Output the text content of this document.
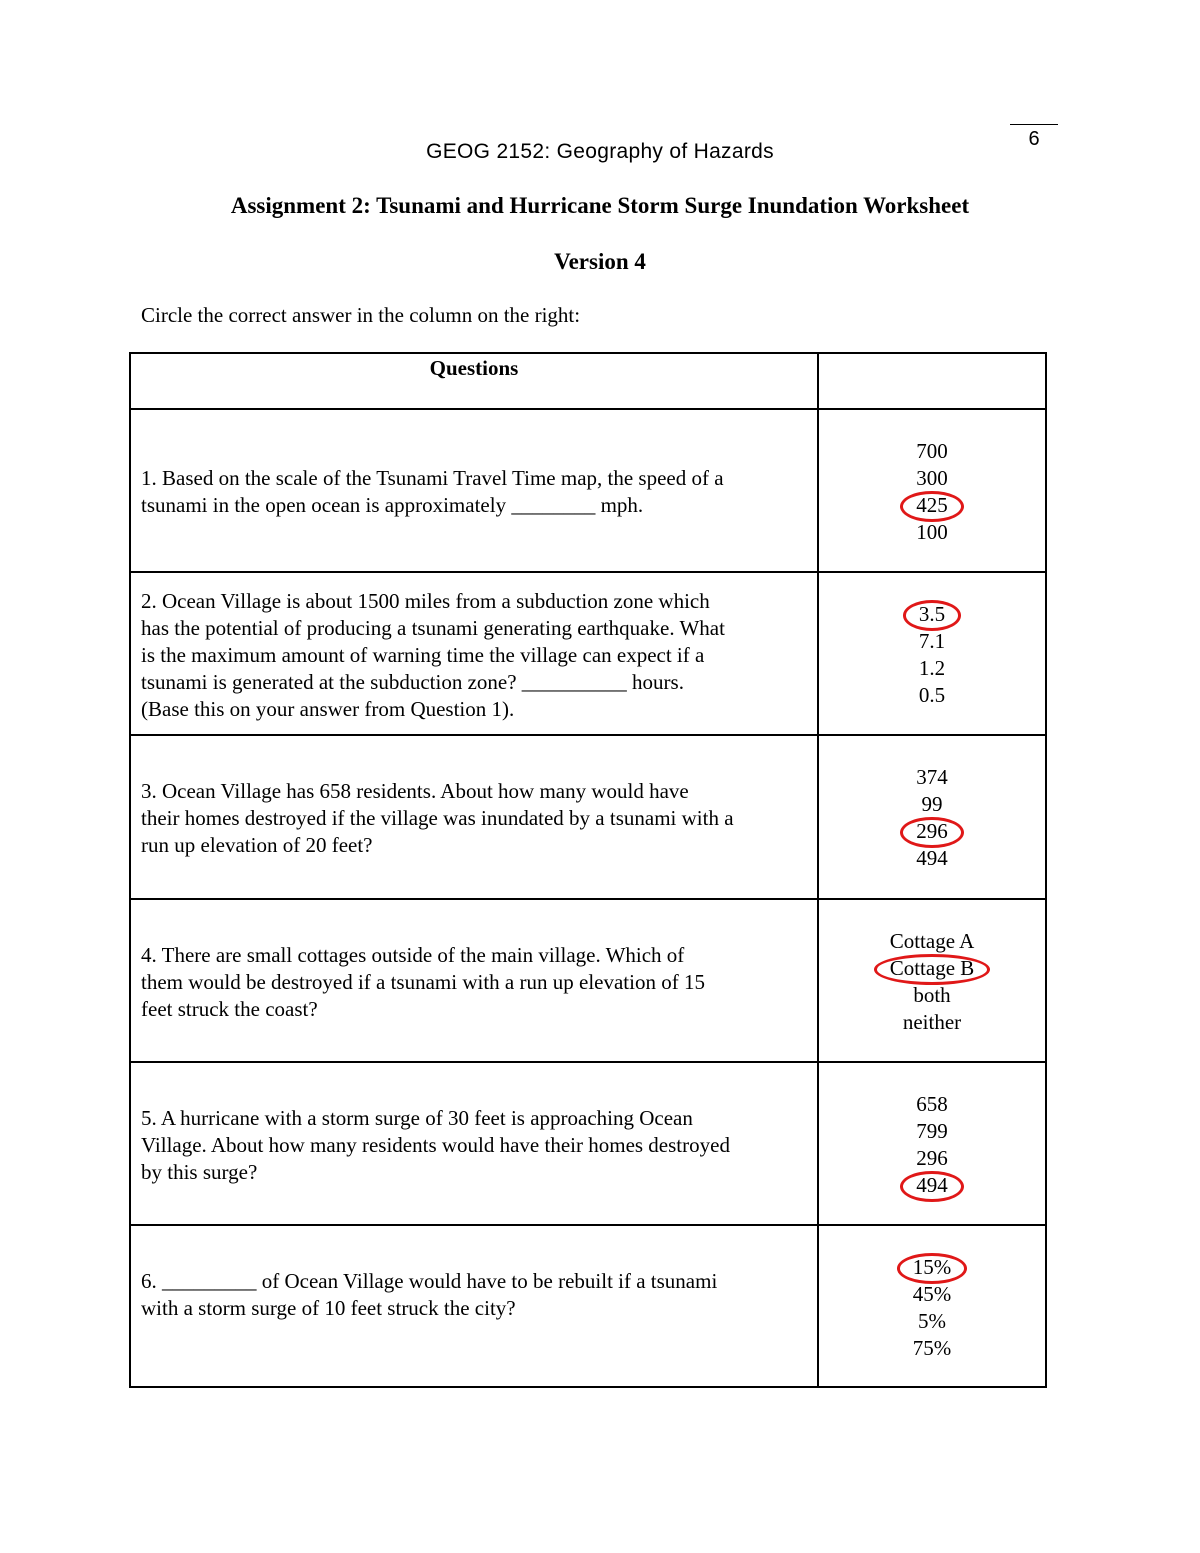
6
GEOG 2152: Geography of Hazards
Assignment 2: Tsunami and Hurricane Storm Surge Inundation Worksheet
Version 4
Circle the correct answer in the column on the right:
Questions
1. Based on the scale of the Tsunami Travel Time map, the speed of a
tsunami in the open ocean is approximately ________ mph.
700
300
425
100
2. Ocean Village is about 1500 miles from a subduction zone which
has the potential of producing a tsunami generating earthquake. What
is the maximum amount of warning time the village can expect if a
tsunami is generated at the subduction zone? __________ hours.
(Base this on your answer from Question 1).
3.5
7.1
1.2
0.5
3. Ocean Village has 658 residents. About how many would have
their homes destroyed if the village was inundated by a tsunami with a
run up elevation of 20 feet?
374
99
296
494
4. There are small cottages outside of the main village. Which of
them would be destroyed if a tsunami with a run up elevation of 15
feet struck the coast?
Cottage A
Cottage B
both
neither
5. A hurricane with a storm surge of 30 feet is approaching Ocean
Village. About how many residents would have their homes destroyed
by this surge?
658
799
296
494
6. _________ of Ocean Village would have to be rebuilt if a tsunami
with a storm surge of 10 feet struck the city?
15%
45%
5%
75%
